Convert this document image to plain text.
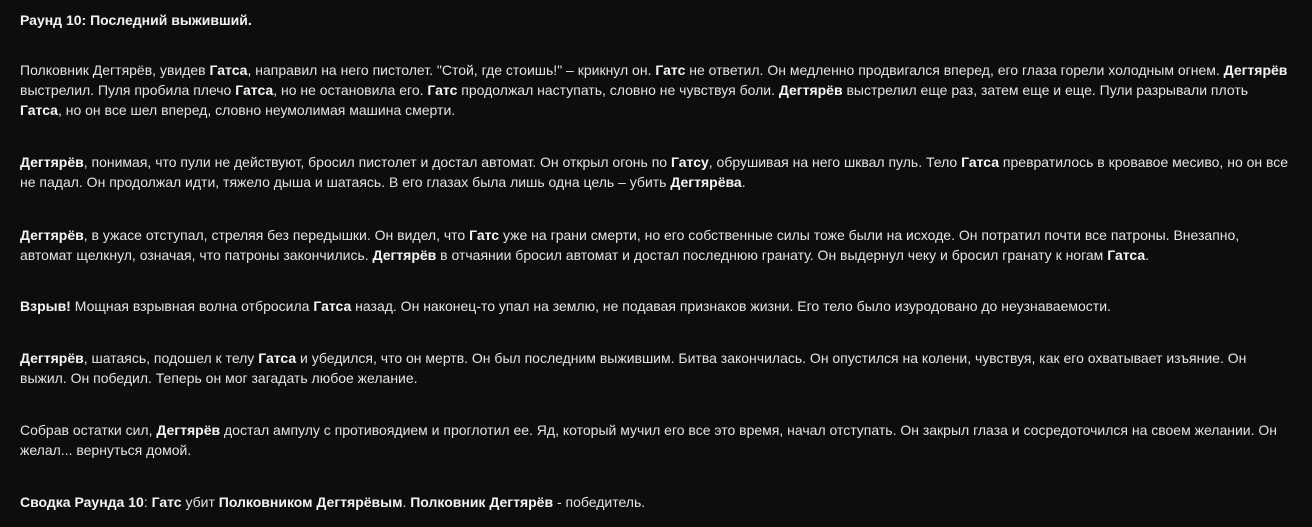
Раунд 10: Последний выживший.

Полковник Дегтярёв, увидев Гатса, направил на него пистолет. "Стой, где стоишь!" – крикнул он. Гатс не ответил. Он медленно продвигался вперед, его глаза горели холодным огнем. Дегтярёв выстрелил. Пуля пробила плечо Гатса, но не остановила его. Гатс продолжал наступать, словно не чувствуя боли. Дегтярёв выстрелил еще раз, затем еще и еще. Пули разрывали плоть Гатса, но он все шел вперед, словно неумолимая машина смерти.

Дегтярёв, понимая, что пули не действуют, бросил пистолет и достал автомат. Он открыл огонь по Гатсу, обрушивая на него шквал пуль. Тело Гатса превратилось в кровавое месиво, но он все не падал. Он продолжал идти, тяжело дыша и шатаясь. В его глазах была лишь одна цель – убить Дегтярёва.

Дегтярёв, в ужасе отступал, стреляя без передышки. Он видел, что Гатс уже на грани смерти, но его собственные силы тоже были на исходе. Он потратил почти все патроны. Внезапно, автомат щелкнул, означая, что патроны закончились. Дегтярёв в отчаянии бросил автомат и достал последнюю гранату. Он выдернул чеку и бросил гранату к ногам Гатса.

Взрыв! Мощная взрывная волна отбросила Гатса назад. Он наконец-то упал на землю, не подавая признаков жизни. Его тело было изуродовано до неузнаваемости.

Дегтярёв, шатаясь, подошел к телу Гатса и убедился, что он мертв. Он был последним выжившим. Битва закончилась. Он опустился на колени, чувствуя, как его охватывает изъяние. Он выжил. Он победил. Теперь он мог загадать любое желание.

Собрав остатки сил, Дегтярёв достал ампулу с противоядием и проглотил ее. Яд, который мучил его все это время, начал отступать. Он закрыл глаза и сосредоточился на своем желании. Он желал... вернуться домой.

Сводка Раунда 10: Гатс убит Полковником Дегтярёвым. Полковник Дегтярёв - победитель.
